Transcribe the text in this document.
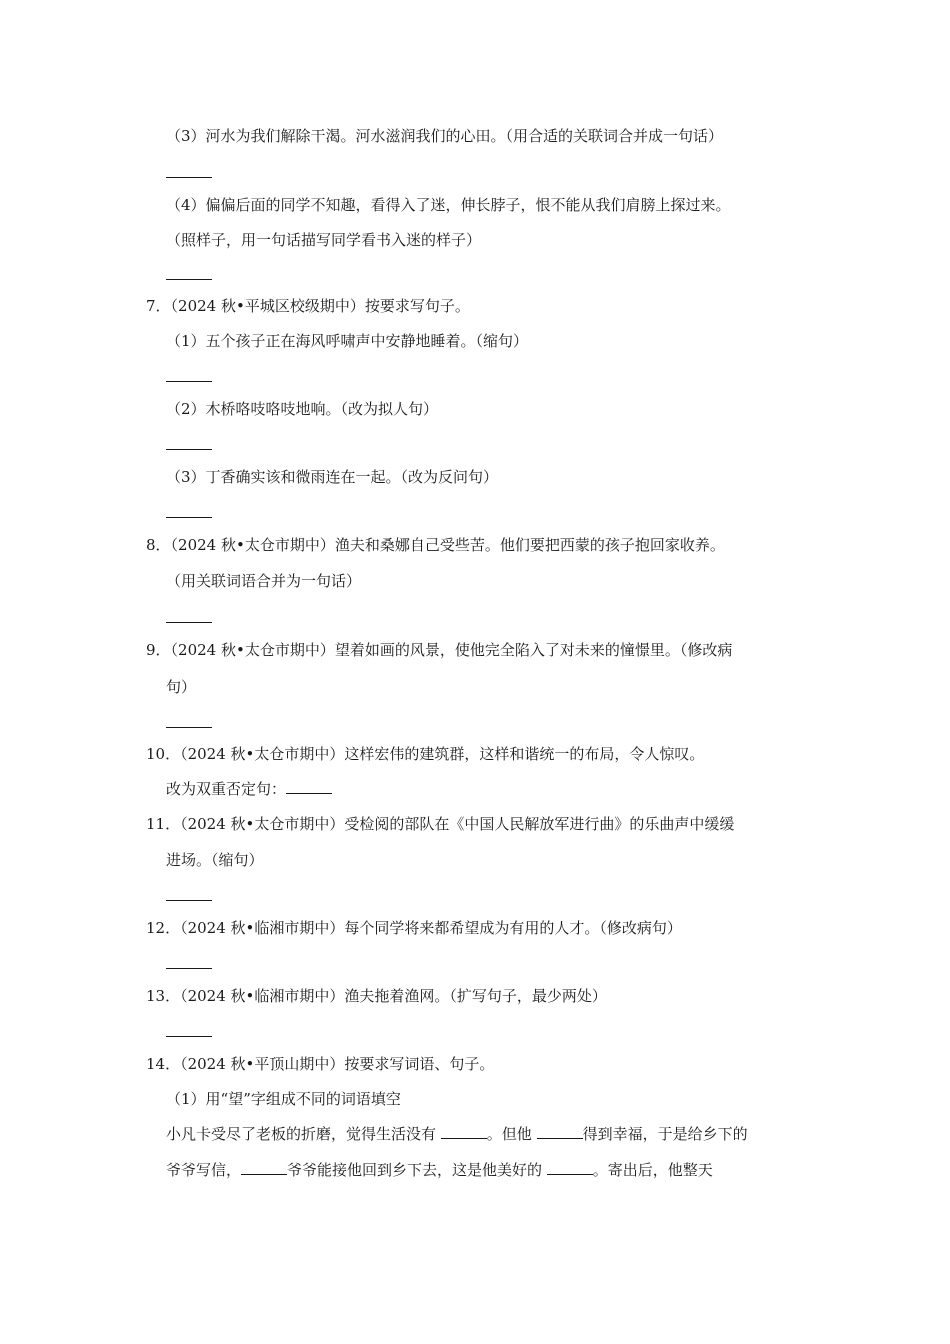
（3）河水为我们解除干渴。河水滋润我们的心田。（用合适的关联词合并成一句话）
（4）偏偏后面的同学不知趣，看得入了迷，伸长脖子，恨不能从我们肩膀上探过来。
（照样子，用一句话描写同学看书入迷的样子）
7．（2024 秋•平城区校级期中）按要求写句子。
（1）五个孩子正在海风呼啸声中安静地睡着。（缩句）
（2）木桥咯吱咯吱地响。（改为拟人句）
（3）丁香确实该和微雨连在一起。（改为反问句）
8．（2024 秋•太仓市期中）渔夫和桑娜自己受些苦。他们要把西蒙的孩子抱回家收养。
（用关联词语合并为一句话）
9．（2024 秋•太仓市期中）望着如画的风景，使他完全陷入了对未来的憧憬里。（修改病
句）
10．（2024 秋•太仓市期中）这样宏伟的建筑群，这样和谐统一的布局，令人惊叹。
改为双重否定句：
11．（2024 秋•太仓市期中）受检阅的部队在《中国人民解放军进行曲》的乐曲声中缓缓
进场。（缩句）
12．（2024 秋•临湘市期中）每个同学将来都希望成为有用的人才。（修改病句）
13．（2024 秋•临湘市期中）渔夫拖着渔网。（扩写句子，最少两处）
14．（2024 秋•平顶山期中）按要求写词语、句子。
（1）用“望”字组成不同的词语填空
小凡卡受尽了老板的折磨，觉得生活没有	。但他	得到幸福，于是给乡下的
爷爷写信，	爷爷能接他回到乡下去，这是他美好的	。寄出后，他整天
